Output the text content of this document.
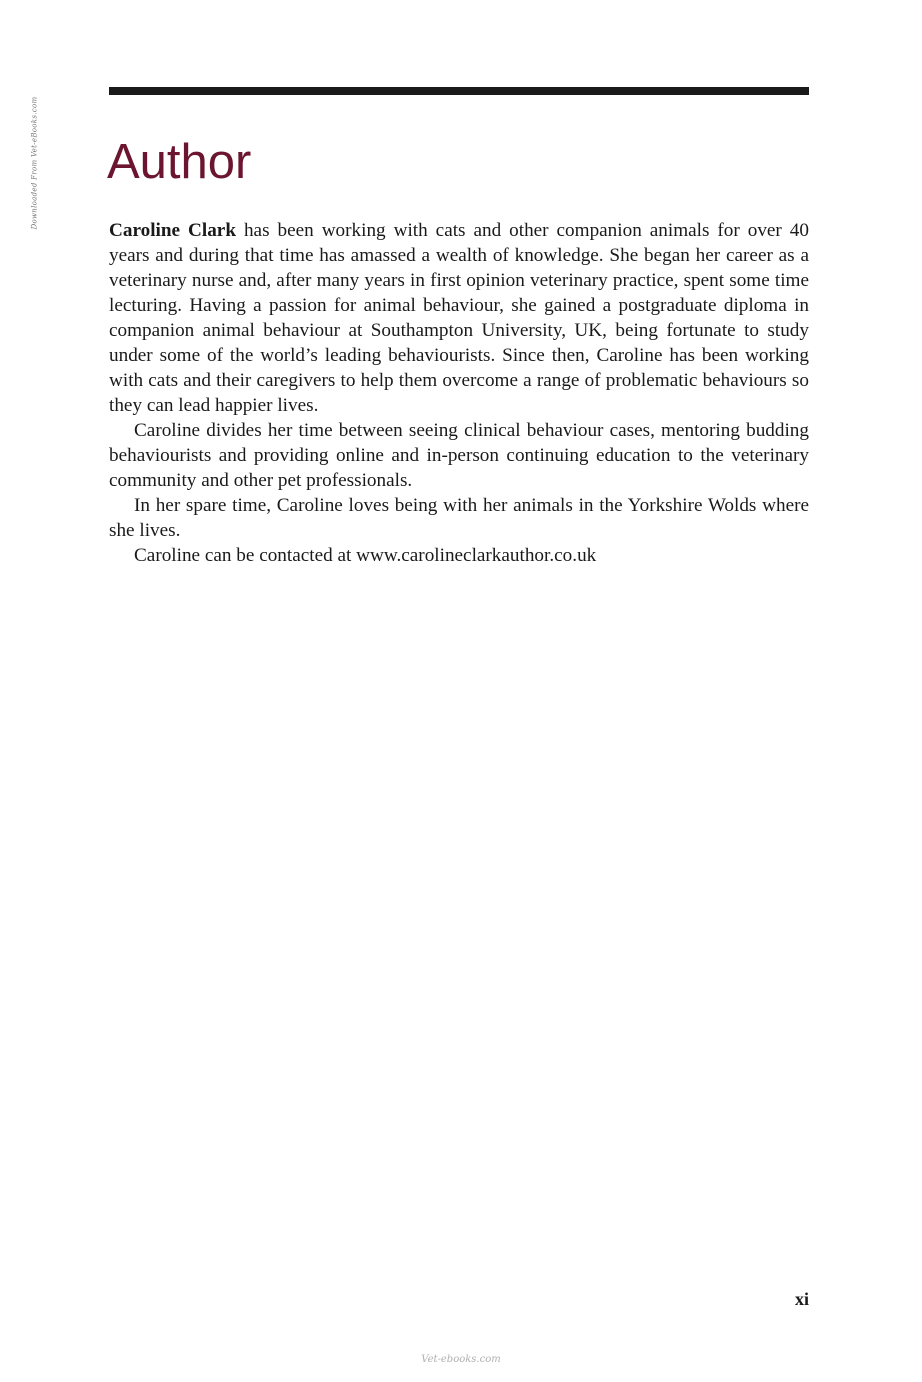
Downloaded From Vet-eBooks.com Author

Caroline Clark has been working with cats and other companion animals for over 40 years and during that time has amassed a wealth of knowledge. She began her career as a veterinary nurse and, after many years in first opinion veterinary practice, spent some time lecturing. Having a passion for animal behaviour, she gained a postgraduate diploma in companion animal behaviour at Southampton University, UK, being fortunate to study under some of the world’s leading behaviourists. Since then, Caroline has been working with cats and their caregivers to help them overcome a range of problematic behaviours so they can lead happier lives.

Caroline divides her time between seeing clinical behaviour cases, mentoring budding behaviourists and providing online and in-person continuing education to the veterinary community and other pet professionals.

In her spare time, Caroline loves being with her animals in the Yorkshire Wolds where she lives.

Caroline can be contacted at www.carolineclarkauthor.co.uk

xi
Vet-ebooks.com
